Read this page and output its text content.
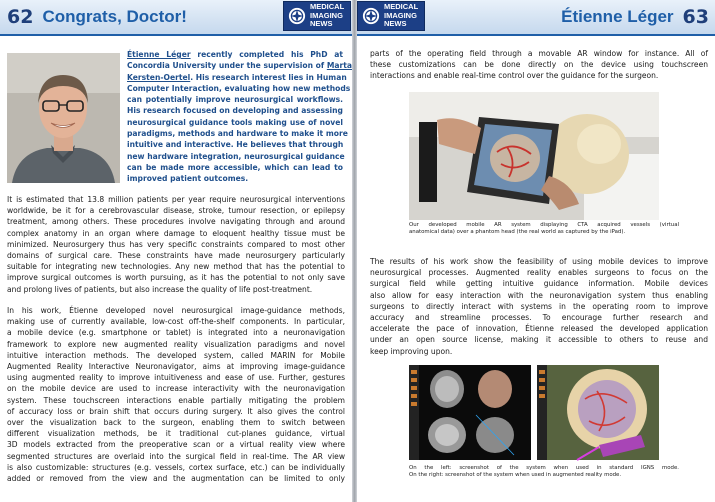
62 Congrats, Doctor!
MEDICAL
IMAGING
NEWS
Étienne Léger recently completed his PhD at
Concordia University under the supervision of Marta
Kersten-Oertel. His research interest lies in Human
Computer Interaction, evaluating how new methods
can potentially improve neurosurgical workflows.
His research focused on developing and assessing
neurosurgical guidance tools making use of novel
paradigms, methods and hardware to make it more
intuitive and interactive. He believes that through
new hardware integration, neurosurgical guidance
can be made more accessible, which can lead to
improved patient outcomes.
It is estimated that 13.8 million patients per year require neurosurgical interventions
worldwide, be it for a cerebrovascular disease, stroke, tumour resection, or epilepsy
treatment, among others. These procedures involve navigating through and around
complex anatomy in an organ where damage to eloquent healthy tissue must be
minimized. Neurosurgery thus has very specific constraints compared to most other
domains of surgical care. These constraints have made neurosurgery particularly
suitable for integrating new technologies. Any new method that has the potential to
improve surgical outcomes is worth pursuing, as it has the potential to not only save
and prolong lives of patients, but also increase the quality of life post-treatment.
In his work, Étienne developed novel neurosurgical image-guidance methods,
making use of currently available, low-cost off-the-shelf components. In particular,
a mobile device (e.g. smartphone or tablet) is integrated into a neuronavigation
framework to explore new augmented reality visualization paradigms and novel
intuitive interaction methods. The developed system, called MARIN for Mobile
Augmented Reality Interactive Neuronavigator, aims at improving image-guidance
using augmented reality to improve intuitiveness and ease of use. Further, gestures
on the mobile device are used to increase interactivity with the neuronavigation
system. These touchscreen interactions enable partially mitigating the problem
of accuracy loss or brain shift that occurs during surgery. It also gives the control
over the visualization back to the surgeon, enabling them to switch between
different visualization methods, be it traditional cut-planes guidance, virtual
3D models extracted from the preoperative scan or a virtual reality view where
segmented structures are overlaid into the surgical field in real-time. The AR view
is also customizable: structures (e.g. vessels, cortex surface, etc.) can be individually
added or removed from the view and the augmentation can be limited to only
Étienne Léger 63
MEDICAL
IMAGING
NEWS
parts of the operating field through a movable AR window for instance. All of
these customizations can be done directly on the device using touchscreen
interactions and enable real-time control over the guidance for the surgeon.
Our developed mobile AR system displaying CTA acquired vessels (virtual
anatomical data) over a phantom head (the real world as captured by the iPad).
The results of his work show the feasibility of using mobile devices to improve
neurosurgical processes. Augmented reality enables surgeons to focus on the
surgical field while getting intuitive guidance information. Mobile devices
also allow for easy interaction with the neuronavigation system thus enabling
surgeons to directly interact with systems in the operating room to improve
accuracy and streamline processes. To encourage further research and
accelerate the pace of innovation, Étienne released the developed application
under an open source license, making it accessible to others to reuse and
keep improving upon.
On the left: screenshot of the system when used in standard IGNS mode.
On the right: screenshot of the system when used in augmented reality mode.
